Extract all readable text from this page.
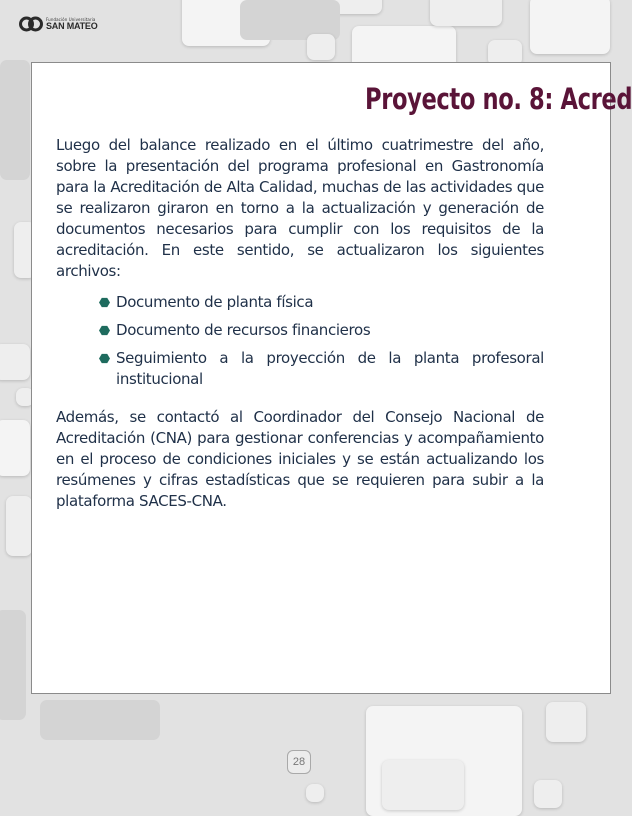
Fundación Universitaria
SAN MATEO
Proyecto no. 8: Acred

Luego del balance realizado en el último cuatrimestre del año, sobre la presentación del programa profesional en Gastronomía para la Acreditación de Alta Calidad, muchas de las actividades que se realizaron giraron en torno a la actualización y generación de documentos necesarios para cumplir con los requisitos de la acreditación. En este sentido, se actualizaron los siguientes archivos:

Documento de planta física
Documento de recursos financieros
Seguimiento a la proyección de la planta profesoral institucional

Además, se contactó al Coordinador del Consejo Nacional de Acreditación (CNA) para gestionar conferencias y acompañamiento en el proceso de condiciones iniciales y se están actualizando los resúmenes y cifras estadísticas que se requieren para subir a la plataforma SACES-CNA.

28
